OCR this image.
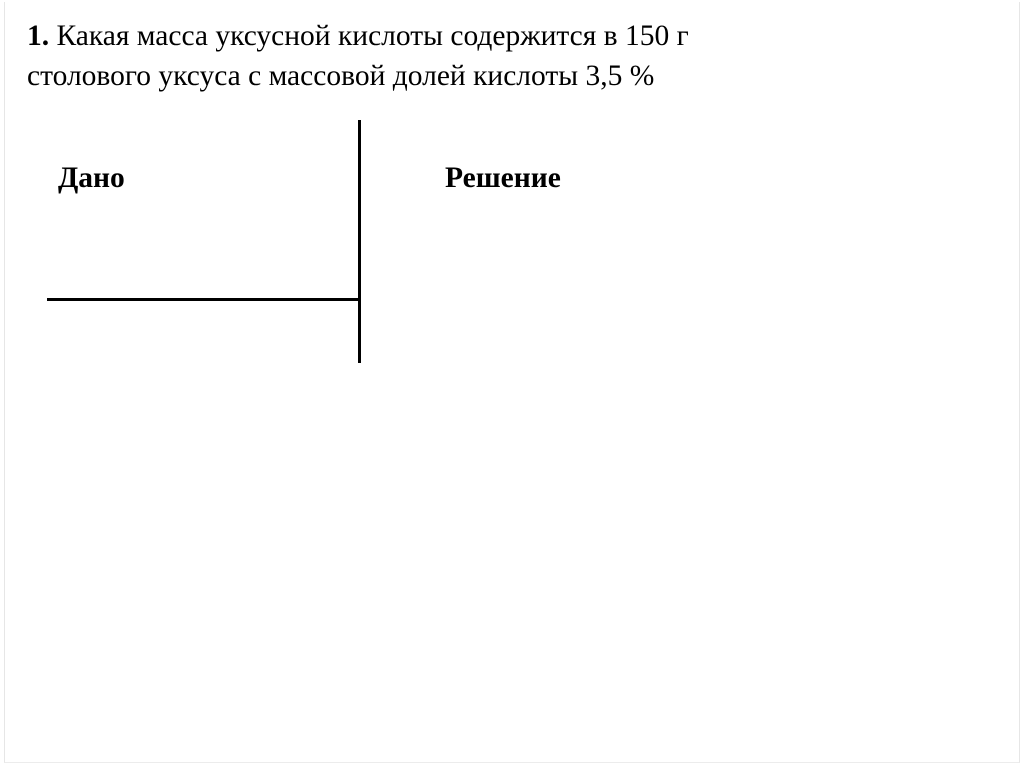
1. Какая масса уксусной кислоты содержится в 150 г
столового уксуса с массовой долей кислоты 3,5 %

Дано	Решение
